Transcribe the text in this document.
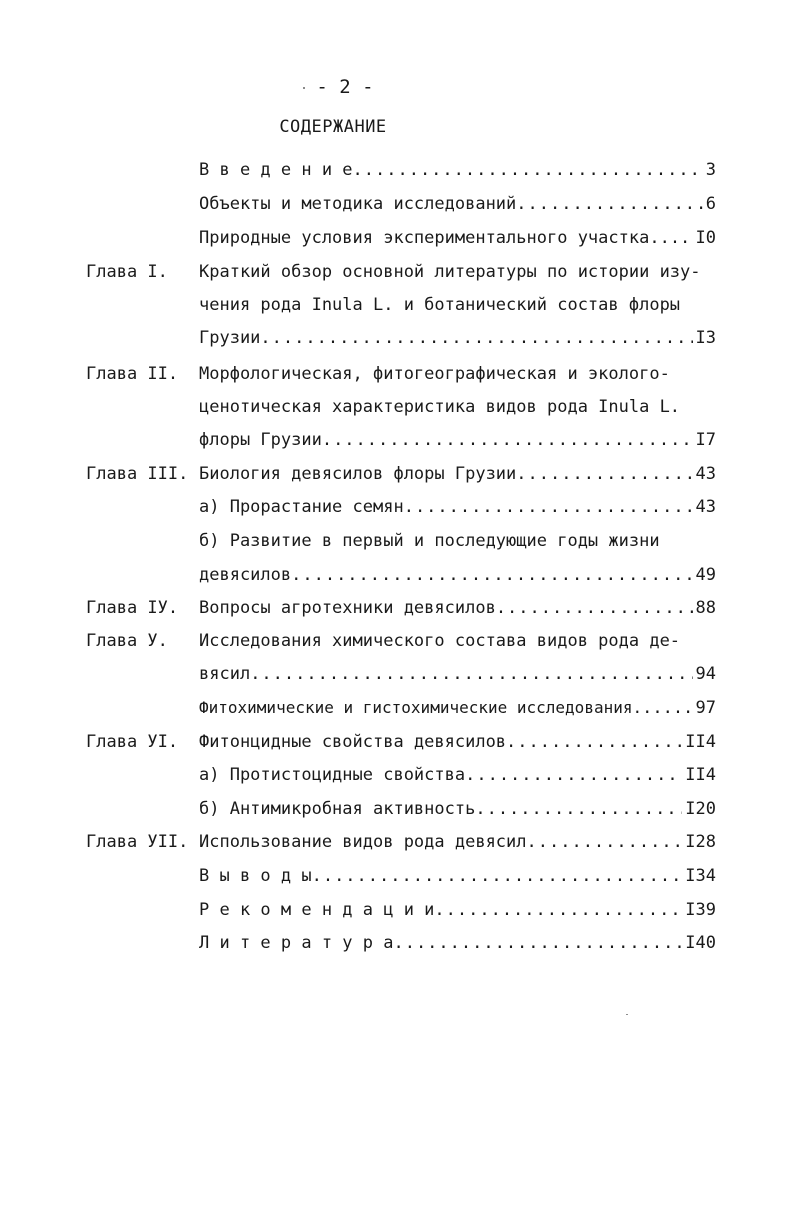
- 2 -
СОДЕРЖАНИЕ
В в е д е н и е .....	3
Объекты и методика исследований .....	6
Природные условия экспериментального участка.. ..... I0
Глава I. Краткий обзор основной литературы по истории изу-
чения рода Inula L. и ботанический состав флоры
Грузии .....	I3
Глава II. Морфологическая, фитогеографическая и эколого-
ценотическая характеристика видов рода Inula L.
флоры Грузии .....	I7
Глава III. Биология девясилов флоры Грузии .....	43
а) Прорастание семян .....	43
б) Развитие в первый и последующие годы жизни
девясилов .....	49
Глава IУ. Вопросы агротехники девясилов .....	88
Глава У. Исследования химического состава видов рода де-
вясил .....	94
Фитохимические и гистохимические исследования. .....	97
Глава УI. Фитонцидные свойства девясилов .....	II4
а) Протистоцидные свойства .....	II4
б) Антимикробная активность .....	I20
Глава УII. Использование видов рода девясил .....	I28
В ы в о д ы .....	I34
Р е к о м е н д а ц и и .....	I39
Л и т е р а т у р а .....	I40
